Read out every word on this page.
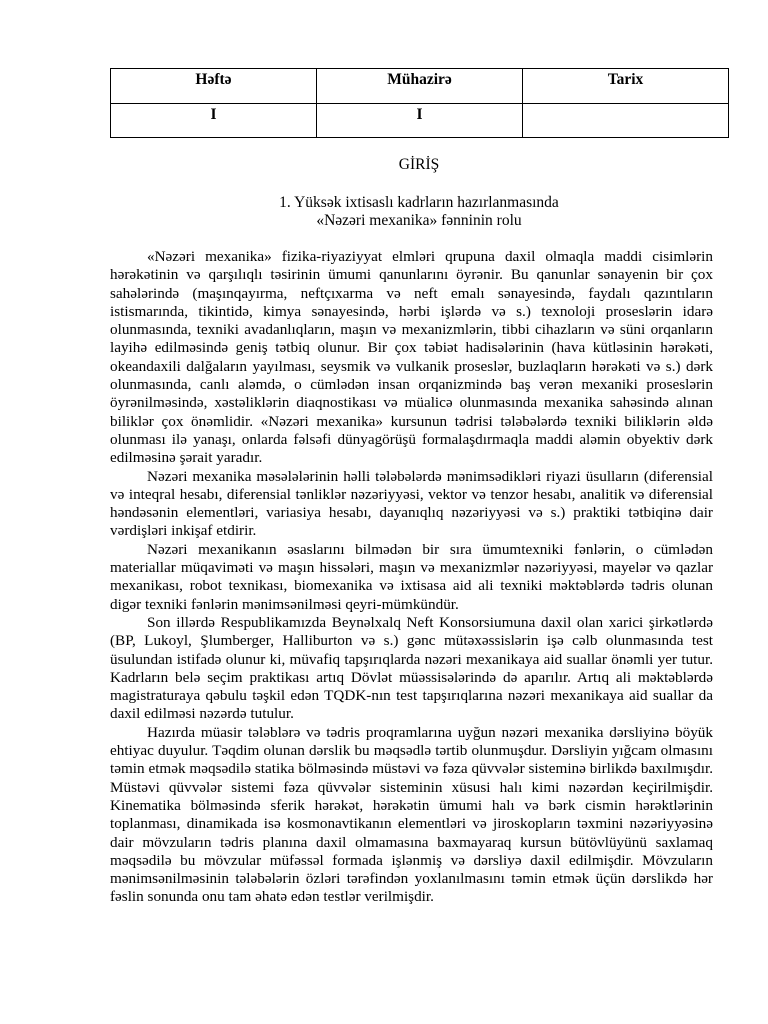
Həftə	Mühazirə	Tarix
I	I	
GİRİŞ
1. Yüksək ixtisaslı kadrların hazırlanmasında
«Nəzəri mexanika» fənninin rolu

«Nəzəri mexanika» fizika-riyaziyyat elmləri qrupuna daxil olmaqla maddi cisimlərin hərəkətinin və qarşılıqlı təsirinin ümumi qanunlarını öyrənir. Bu qanunlar sənayenin bir çox sahələrində (maşınqayırma, neftçıxarma və neft emalı sənayesində, faydalı qazıntıların istismarında, tikintidə, kimya sənayesində, hərbi işlərdə və s.) texnoloji proseslərin idarə olunmasında, texniki avadanlıqların, maşın və mexanizmlərin, tibbi cihazların və süni orqanların layihə edilməsində geniş tətbiq olunur. Bir çox təbiət hadisələrinin (hava kütləsinin hərəkəti, okeandaxili dalğaların yayılması, seysmik və vulkanik proseslər, buzlaqların hərəkəti və s.) dərk olunmasında, canlı aləmdə, o cümlədən insan orqanizmində baş verən mexaniki proseslərin öyrənilməsində, xəstəliklərin diaqnostikası və müalicə olunmasında mexanika sahəsində alınan biliklər çox önəmlidir. «Nəzəri mexanika» kursunun tədrisi tələbələrdə texniki biliklərin əldə olunması ilə yanaşı, onlarda fəlsəfi dünyagörüşü formalaşdırmaqla maddi aləmin obyektiv dərk edilməsinə şərait yaradır.

Nəzəri mexanika məsələlərinin həlli tələbələrdə mənimsədikləri riyazi üsulların (diferensial və inteqral hesabı, diferensial tənliklər nəzəriyyəsi, vektor və tenzor hesabı, analitik və diferensial həndəsənin elementləri, variasiya hesabı, dayanıqlıq nəzəriyyəsi və s.) praktiki tətbiqinə dair vərdişləri inkişaf etdirir.

Nəzəri mexanikanın əsaslarını bilmədən bir sıra ümumtexniki fənlərin, o cümlədən materiallar müqaviməti və maşın hissələri, maşın və mexanizmlər nəzəriyyəsi, mayelər və qazlar mexanikası, robot texnikası, biomexanika və ixtisasa aid ali texniki məktəblərdə tədris olunan digər texniki fənlərin mənimsənilməsi qeyri-mümkündür.

Son illərdə Respublikamızda Beynəlxalq Neft Konsorsiumuna daxil olan xarici şirkətlərdə (BP, Lukoyl, Şlumberger, Halliburton və s.) gənc mütəxəssislərin işə cəlb olunmasında test üsulundan istifadə olunur ki, müvafiq tapşırıqlarda nəzəri mexanikaya aid suallar önəmli yer tutur. Kadrların belə seçim praktikası artıq Dövlət müəssisələrində də aparılır. Artıq ali məktəblərdə magistraturaya qəbulu təşkil edən TQDK-nın test tapşırıqlarına nəzəri mexanikaya aid suallar da daxil edilməsi nəzərdə tutulur.

Hazırda müasir tələblərə və tədris proqramlarına uyğun nəzəri mexanika dərsliyinə böyük ehtiyac duyulur. Təqdim olunan dərslik bu məqsədlə tərtib olunmuşdur. Dərsliyin yığcam olmasını təmin etmək məqsədilə statika bölməsində müstəvi və fəza qüvvələr sisteminə birlikdə baxılmışdır. Müstəvi qüvvələr sistemi fəza qüvvələr sisteminin xüsusi halı kimi nəzərdən keçirilmişdir. Kinematika bölməsində sferik hərəkət, hərəkətin ümumi halı və bərk cismin hərəktlərinin toplanması, dinamikada isə kosmonavtikanın elementləri və jiroskopların təxmini nəzəriyyəsinə dair mövzuların tədris planına daxil olmamasına baxmayaraq kursun bütövlüyünü saxlamaq məqsədilə bu mövzular müfəssəl formada işlənmiş və dərsliyə daxil edilmişdir. Mövzuların mənimsənilməsinin tələbələrin özləri tərəfindən yoxlanılmasını təmin etmək üçün dərslikdə hər fəslin sonunda onu tam əhatə edən testlər verilmişdir.
